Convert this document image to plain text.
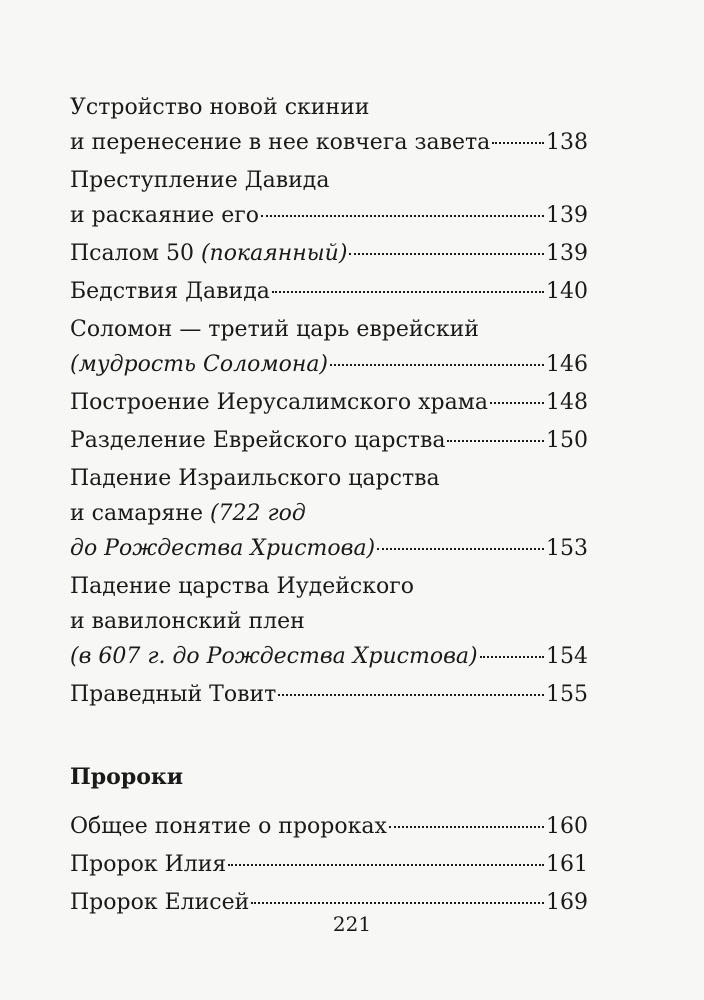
Устройство новой скинии
и перенесение в нее ковчега завета	138
Преступление Давида
и раскаяние его	139
Псалом 50 (покаянный)	139
Бедствия Давида	140
Соломон — третий царь еврейский
(мудрость Соломона)	146
Построение Иерусалимского храма	148
Разделение Еврейского царства	150
Падение Израильского царства
и самаряне (722 год
до Рождества Христова)	153
Падение царства Иудейского
и вавилонский плен
(в 607 г. до Рождества Христова)	154
Праведный Товит	155
Пророки
Общее понятие о пророках	160
Пророк Илия	161
Пророк Елисей	169
221
